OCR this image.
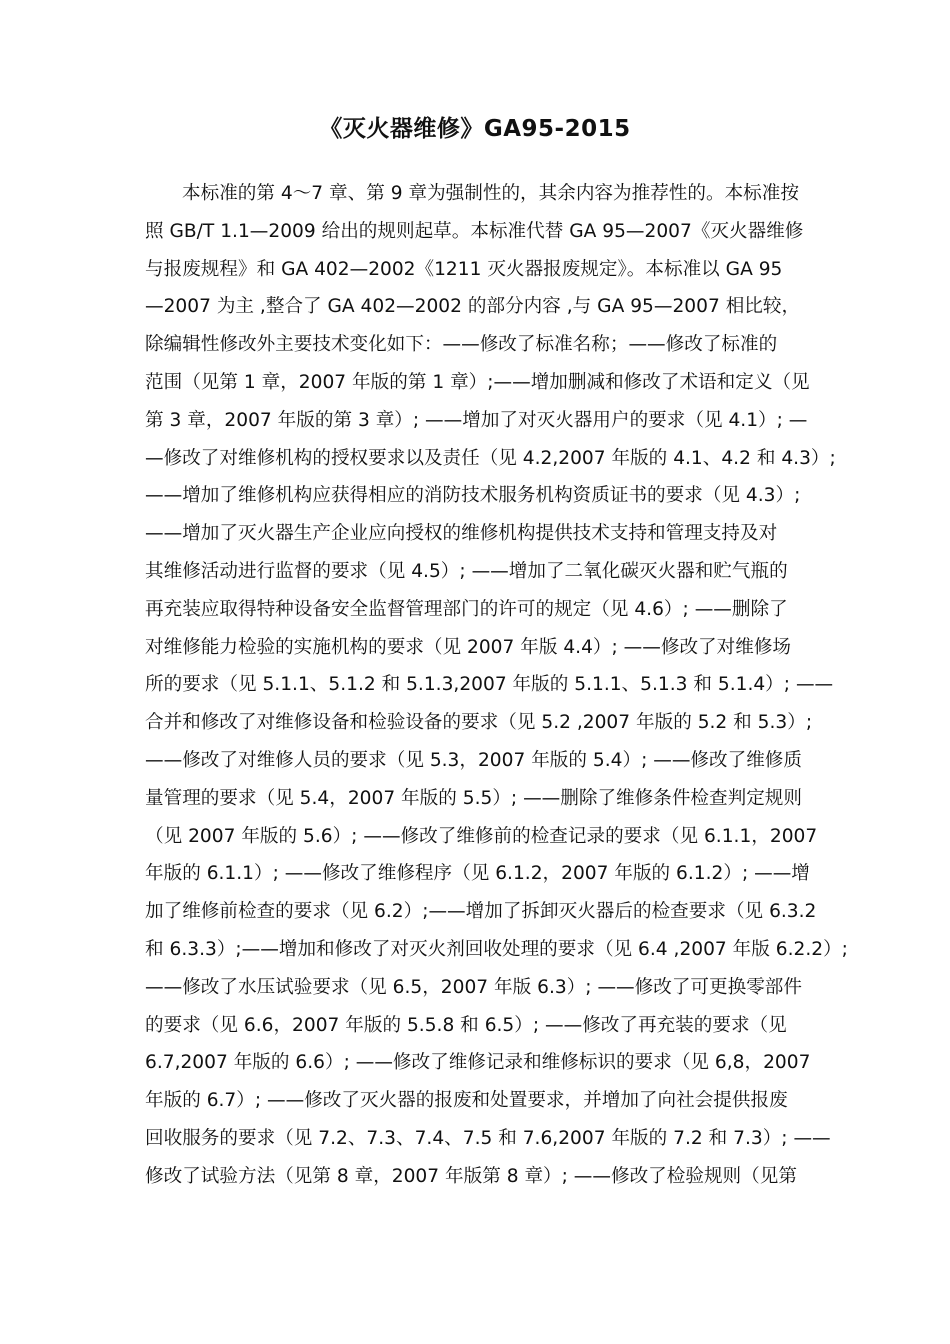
《灭火器维修》GA95-2015
本标准的第 4～7 章、第 9 章为强制性的，其余内容为推荐性的。本标准按
照 GB/T 1.1—2009 给出的规则起草。本标准代替 GA 95—2007《灭火器维修
与报废规程》和 GA 402—2002《1211 灭火器报废规定》。本标准以 GA 95
—2007 为主 ,整合了 GA 402—2002 的部分内容 ,与 GA 95—2007 相比较，
除编辑性修改外主要技术变化如下：——修改了标准名称；——修改了标准的
范围（见第 1 章，2007 年版的第 1 章）;——增加删减和修改了术语和定义（见
第 3 章，2007 年版的第 3 章）; ——增加了对灭火器用户的要求（见 4.1）; —
—修改了对维修机构的授权要求以及责任（见 4.2,2007 年版的 4.1、4.2 和 4.3）;
——增加了维修机构应获得相应的消防技术服务机构资质证书的要求（见 4.3）;
——增加了灭火器生产企业应向授权的维修机构提供技术支持和管理支持及对
其维修活动进行监督的要求（见 4.5）; ——增加了二氧化碳灭火器和贮气瓶的
再充装应取得特种设备安全监督管理部门的许可的规定（见 4.6）; ——删除了
对维修能力检验的实施机构的要求（见 2007 年版 4.4）; ——修改了对维修场
所的要求（见 5.1.1、5.1.2 和 5.1.3,2007 年版的 5.1.1、5.1.3 和 5.1.4）; ——
合并和修改了对维修设备和检验设备的要求（见 5.2 ,2007 年版的 5.2 和 5.3）;
——修改了对维修人员的要求（见 5.3，2007 年版的 5.4）; ——修改了维修质
量管理的要求（见 5.4，2007 年版的 5.5）; ——删除了维修条件检查判定规则
（见 2007 年版的 5.6）; ——修改了维修前的检查记录的要求（见 6.1.1，2007
年版的 6.1.1）; ——修改了维修程序（见 6.1.2，2007 年版的 6.1.2）; ——增
加了维修前检查的要求（见 6.2）;——增加了拆卸灭火器后的检查要求（见 6.3.2
和 6.3.3）;——增加和修改了对灭火剂回收处理的要求（见 6.4 ,2007 年版 6.2.2）;
——修改了水压试验要求（见 6.5，2007 年版 6.3）; ——修改了可更换零部件
的要求（见 6.6，2007 年版的 5.5.8 和 6.5）; ——修改了再充装的要求（见
6.7,2007 年版的 6.6）; ——修改了维修记录和维修标识的要求（见 6,8，2007
年版的 6.7）; ——修改了灭火器的报废和处置要求，并增加了向社会提供报废
回收服务的要求（见 7.2、7.3、7.4、7.5 和 7.6,2007 年版的 7.2 和 7.3）; ——
修改了试验方法（见第 8 章，2007 年版第 8 章）; ——修改了检验规则（见第
